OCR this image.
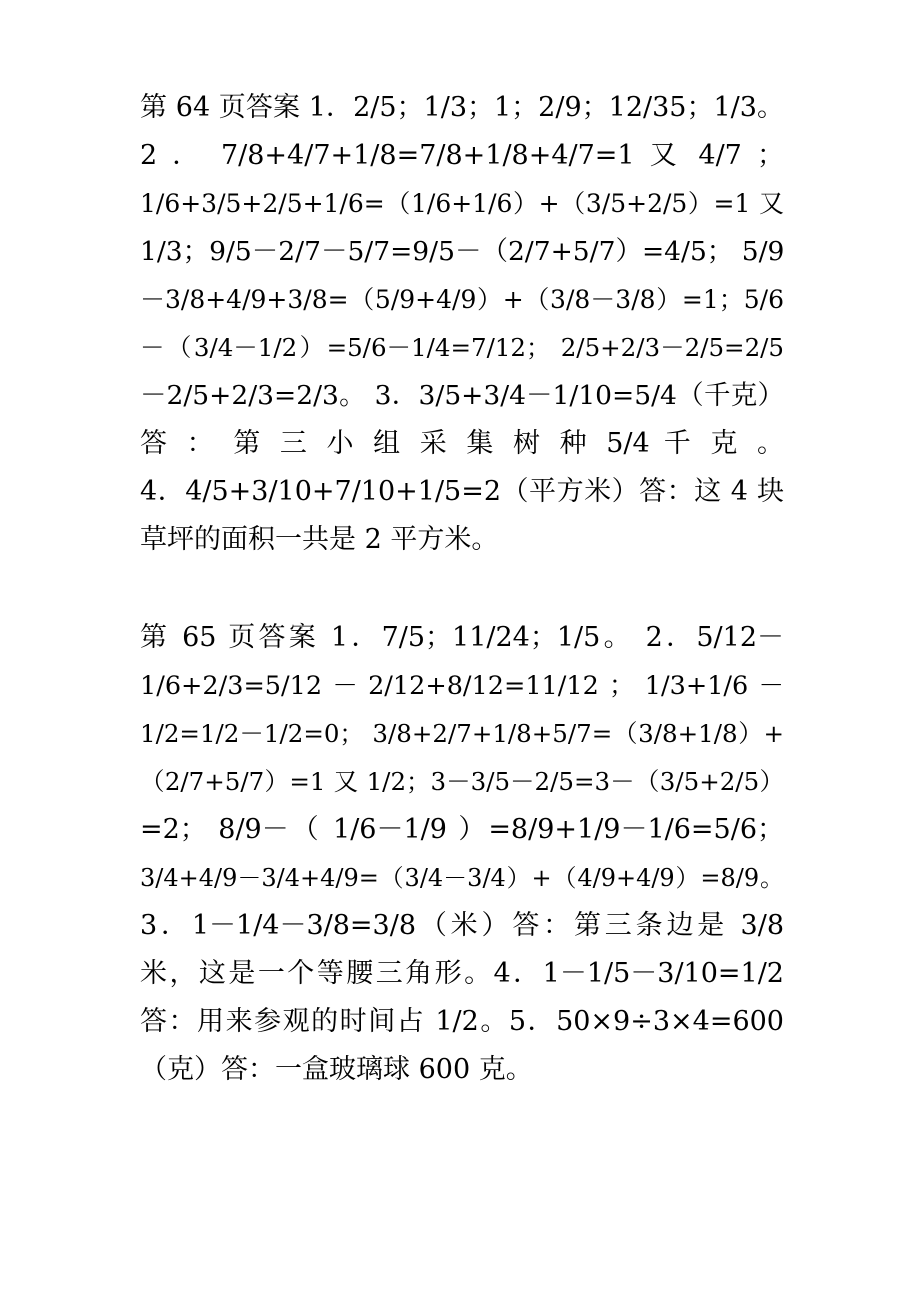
第 64 页答案 1．2/5；1/3；1；2/9；12/35；1/3。
2 ． 7/8+4/7+1/8=7/8+1/8+4/7=1 又 4/7 ；
1/6+3/5+2/5+1/6=（1/6+1/6）+（3/5+2/5）=1 又
1/3；9/5－2/7－5/7=9/5－（2/7+5/7）=4/5； 5/9
－3/8+4/9+3/8=（5/9+4/9）+（3/8－3/8）=1；5/6
－（3/4－1/2）=5/6－1/4=7/12； 2/5+2/3－2/5=2/5
－2/5+2/3=2/3。 3．3/5+3/4－1/10=5/4（千克）
答 ： 第 三 小 组 采 集 树 种 5/4 千 克 。
4．4/5+3/10+7/10+1/5=2（平方米）答：这 4 块
草坪的面积一共是 2 平方米。
第 65 页答案 1．7/5；11/24；1/5。 2．5/12－
1/6+2/3=5/12 － 2/12+8/12=11/12 ； 1/3+1/6 －
1/2=1/2－1/2=0； 3/8+2/7+1/8+5/7=（3/8+1/8）+
（2/7+5/7）=1 又 1/2；3－3/5－2/5=3－（3/5+2/5）
=2； 8/9－（ 1/6－1/9 ）=8/9+1/9－1/6=5/6；
3/4+4/9－3/4+4/9=（3/4－3/4）+（4/9+4/9）=8/9。
3．1－1/4－3/8=3/8（米）答：第三条边是 3/8
米，这是一个等腰三角形。4．1－1/5－3/10=1/2
答：用来参观的时间占 1/2。5．50×9÷3×4=600
（克）答：一盒玻璃球 600 克。
